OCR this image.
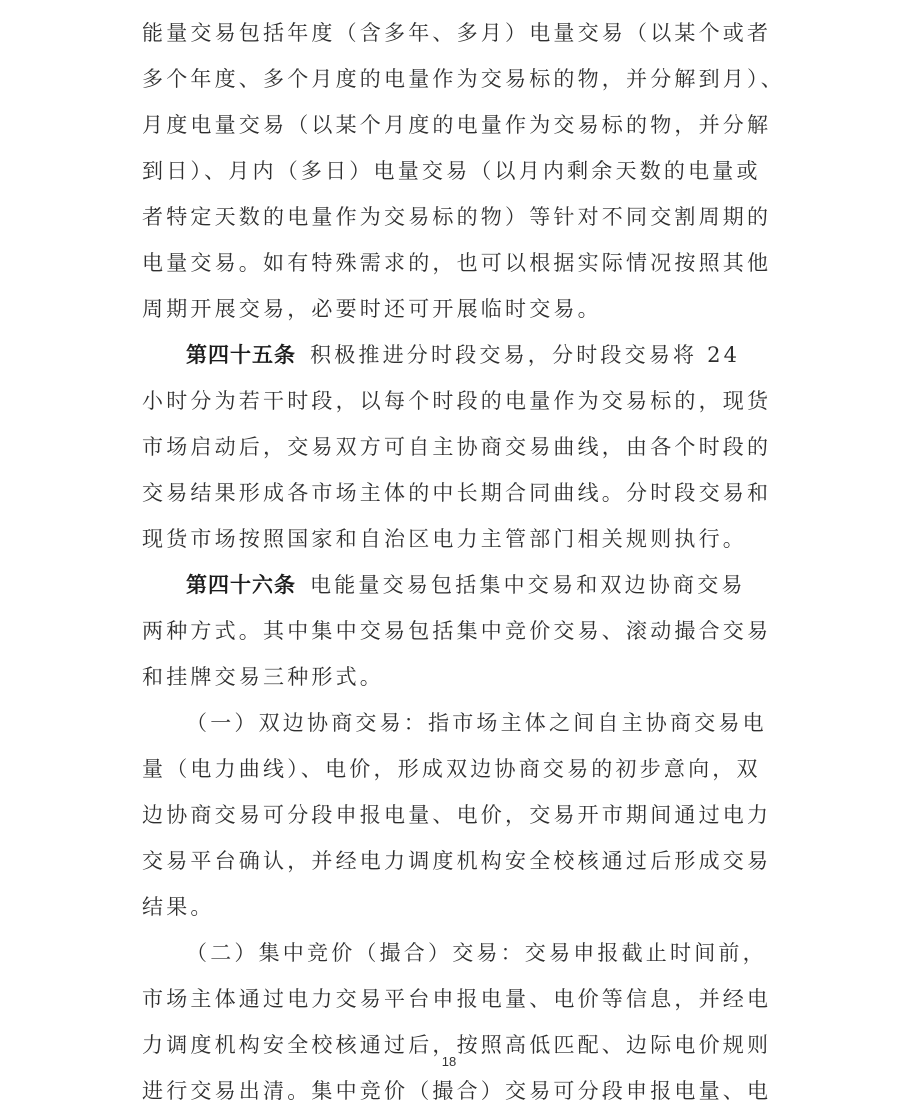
能量交易包括年度（含多年、多月）电量交易（以某个或者
多个年度、多个月度的电量作为交易标的物，并分解到月）、
月度电量交易（以某个月度的电量作为交易标的物，并分解
到日）、月内（多日）电量交易（以月内剩余天数的电量或
者特定天数的电量作为交易标的物）等针对不同交割周期的
电量交易。如有特殊需求的，也可以根据实际情况按照其他
周期开展交易，必要时还可开展临时交易。
第四十五条 积极推进分时段交易，分时段交易将 24
小时分为若干时段，以每个时段的电量作为交易标的，现货
市场启动后，交易双方可自主协商交易曲线，由各个时段的
交易结果形成各市场主体的中长期合同曲线。分时段交易和
现货市场按照国家和自治区电力主管部门相关规则执行。
第四十六条 电能量交易包括集中交易和双边协商交易
两种方式。其中集中交易包括集中竞价交易、滚动撮合交易
和挂牌交易三种形式。
（一）双边协商交易：指市场主体之间自主协商交易电
量（电力曲线）、电价，形成双边协商交易的初步意向，双
边协商交易可分段申报电量、电价，交易开市期间通过电力
交易平台确认，并经电力调度机构安全校核通过后形成交易
结果。
（二）集中竞价（撮合）交易：交易申报截止时间前，
市场主体通过电力交易平台申报电量、电价等信息，并经电
力调度机构安全校核通过后，按照高低匹配、边际电价规则
进行交易出清。集中竞价（撮合）交易可分段申报电量、电
18
